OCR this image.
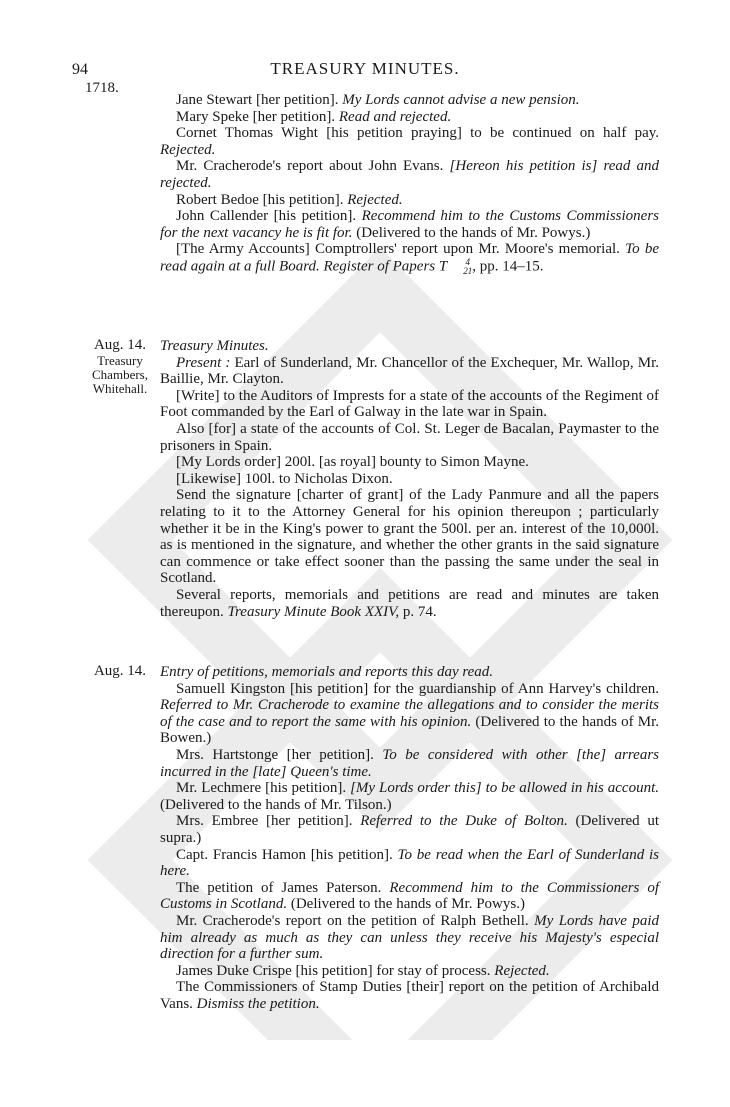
94	TREASURY MINUTES.
1718.

Jane Stewart [her petition]. My Lords cannot advise a new pension.

Mary Speke [her petition]. Read and rejected.

Cornet Thomas Wight [his petition praying] to be continued on half pay. Rejected.

Mr. Cracherode's report about John Evans. [Hereon his petition is] read and rejected.

Robert Bedoe [his petition]. Rejected.

John Callender [his petition]. Recommend him to the Customs Commissioners for the next vacancy he is fit for. (Delivered to the hands of Mr. Powys.)

[The Army Accounts] Comptrollers' report upon Mr. Moore's memorial. To be read again at a full Board. Register of Papers T	4
21 , pp. 14–15.

Aug. 14.
Treasury
Chambers,
Whitehall.

Treasury Minutes.

Present : Earl of Sunderland, Mr. Chancellor of the Exchequer, Mr. Wallop, Mr. Baillie, Mr. Clayton.

[Write] to the Auditors of Imprests for a state of the accounts of the Regiment of Foot commanded by the Earl of Galway in the late war in Spain.

Also [for] a state of the accounts of Col. St. Leger de Bacalan, Paymaster to the prisoners in Spain.

[My Lords order] 200l. [as royal] bounty to Simon Mayne.

[Likewise] 100l. to Nicholas Dixon.

Send the signature [charter of grant] of the Lady Panmure and all the papers relating to it to the Attorney General for his opinion thereupon ; particularly whether it be in the King's power to grant the 500l. per an. interest of the 10,000l. as is mentioned in the signature, and whether the other grants in the said signature can commence or take effect sooner than the passing the same under the seal in Scotland.

Several reports, memorials and petitions are read and minutes are taken thereupon. Treasury Minute Book XXIV, p. 74.

Aug. 14. Entry of petitions, memorials and reports this day read.

Samuell Kingston [his petition] for the guardianship of Ann Harvey's children. Referred to Mr. Cracherode to examine the allegations and to consider the merits of the case and to report the same with his opinion. (Delivered to the hands of Mr. Bowen.)

Mrs. Hartstonge [her petition]. To be considered with other [the] arrears incurred in the [late] Queen's time.

Mr. Lechmere [his petition]. [My Lords order this] to be allowed in his account. (Delivered to the hands of Mr. Tilson.)

Mrs. Embree [her petition]. Referred to the Duke of Bolton. (Delivered ut supra.)

Capt. Francis Hamon [his petition]. To be read when the Earl of Sunderland is here.

The petition of James Paterson. Recommend him to the Commissioners of Customs in Scotland. (Delivered to the hands of Mr. Powys.)

Mr. Cracherode's report on the petition of Ralph Bethell. My Lords have paid him already as much as they can unless they receive his Majesty's especial direction for a further sum.

James Duke Crispe [his petition] for stay of process. Rejected.

The Commissioners of Stamp Duties [their] report on the petition of Archibald Vans. Dismiss the petition.
